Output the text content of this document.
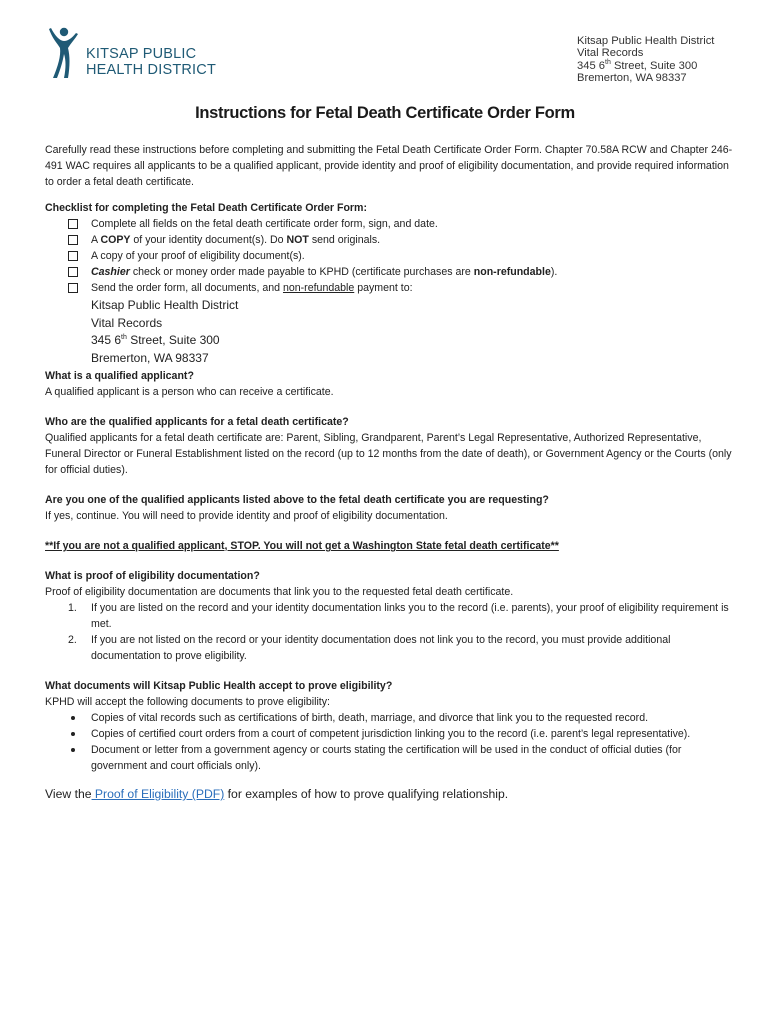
KITSAP PUBLIC
HEALTH DISTRICT
Kitsap Public Health District
Vital Records
345 6th Street, Suite 300
Bremerton, WA 98337
Instructions for Fetal Death Certificate Order Form

Carefully read these instructions before completing and submitting the Fetal Death Certificate Order Form. Chapter 70.58A RCW and Chapter 246-491 WAC requires all applicants to be a qualified applicant, provide identity and proof of eligibility documentation, and provide required information to order a fetal death certificate.

Checklist for completing the Fetal Death Certificate Order Form:

Complete all fields on the fetal death certificate order form, sign, and date.
A COPY of your identity document(s). Do NOT send originals.
A copy of your proof of eligibility document(s).
Cashier check or money order made payable to KPHD (certificate purchases are non-refundable).
Send the order form, all documents, and non-refundable payment to:
Kitsap Public Health District
Vital Records
345 6th Street, Suite 300
Bremerton, WA 98337

What is a qualified applicant?

A qualified applicant is a person who can receive a certificate.

Who are the qualified applicants for a fetal death certificate?

Qualified applicants for a fetal death certificate are: Parent, Sibling, Grandparent, Parent’s Legal Representative, Authorized Representative, Funeral Director or Funeral Establishment listed on the record (up to 12 months from the date of death), or Government Agency or the Courts (only for official duties).

Are you one of the qualified applicants listed above to the fetal death certificate you are requesting?

If yes, continue. You will need to provide identity and proof of eligibility documentation.

**If you are not a qualified applicant, STOP. You will not get a Washington State fetal death certificate**

What is proof of eligibility documentation?

Proof of eligibility documentation are documents that link you to the requested fetal death certificate.

1. If you are listed on the record and your identity documentation links you to the record (i.e. parents), your proof of eligibility requirement is met.
2. If you are not listed on the record or your identity documentation does not link you to the record, you must provide additional documentation to prove eligibility.

What documents will Kitsap Public Health accept to prove eligibility?

KPHD will accept the following documents to prove eligibility:

Copies of vital records such as certifications of birth, death, marriage, and divorce that link you to the requested record.
Copies of certified court orders from a court of competent jurisdiction linking you to the record (i.e. parent’s legal representative).
Document or letter from a government agency or courts stating the certification will be used in the conduct of official duties (for government and court officials only).

View the Proof of Eligibility (PDF) for examples of how to prove qualifying relationship.
